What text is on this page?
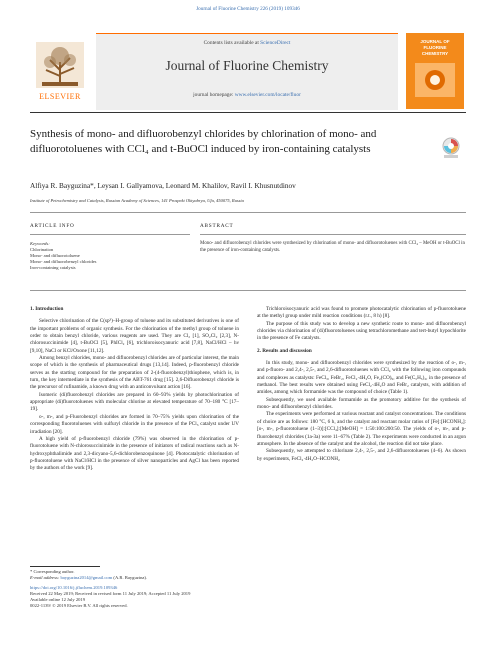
Journal of Fluorine Chemistry 226 (2019) 109346
ELSEVIER
Contents lists available at ScienceDirect
Journal of Fluorine Chemistry
journal homepage: www.elsevier.com/locate/fluor
JOURNAL OF FLUORINE CHEMISTRY
Synthesis of mono- and difluorobenzyl chlorides by chlorination of mono- and difluorotoluenes with CCl₄ and t-BuOCl induced by iron-containing catalysts
Alfiya R. Bayguzina*, Leysan I. Gallyamova, Leonard M. Khalilov, Ravil I. Khusnutdinov
Institute of Petrochemistry and Catalysis, Russian Academy of Sciences, 141 Prospekt Oktyabrya, Ufa, 450075, Russia
ARTICLE INFO	ABSTRACT
Keywords:
Chlorination
Mono- and difluorotoluene
Mono- and difluorobenzyl chlorides
Iron-containing catalysts
Mono- and difluorobenzyl chlorides were synthesized by chlorination of mono- and difluorotoluenes with CCl₄ – MeOH or t-BuOCl in the presence of iron-containing catalysts.

1. Introduction

Selective chlorination of the C(sp³)–H-group of toluene and its substituted derivatives is one of the important problems of organic synthesis. For the chlorination of the methyl group of toluene in order to obtain benzyl chloride, various reagents are used. They are Cl₂ [1], SO₂Cl₂ [2,3], N-chlorosuccinimide [4], t-BuOCl [5], PhICl₂ [6], trichloroisocyanuric acid [7,8], NaCl/HCl – hν [9,10], NaCl or KCl/Oxone [11,12].

Among benzyl chlorides, mono- and difluorobenzyl chlorides are of particular interest, the main scope of which is the synthesis of pharmaceutical drugs [13,14]. Indeed, p-fluorobenzyl chloride serves as the starting compound for the preparation of 2-(4-fluorobenzyl)thiophene, which is, in turn, the key intermediate in the synthesis of the ABT-761 drug [15]. 2,6-Difluorobenzyl chloride is the precursor of rufinamide, a known drug with an anticonvulsant action [16].

Isomeric (di)fluorobenzyl chlorides are prepared in 60–93% yields by photochlorination of appropriate (di)fluorotoluenes with molecular chlorine at elevated temperature of 70–180 °C [17–19].

o-, m-, and p-Fluorobenzyl chlorides are formed in 70–75% yields upon chlorination of the corresponding fluorotoluenes with sulfuryl chloride in the presence of the PCl₃ catalyst under UV irradiation [20].

A high yield of p-fluorobenzyl chloride (79%) was observed in the chlorination of p-fluorotoluene with N-chlorosuccinimide in the presence of initiators of radical reactions such as N-hydroxyphthalimide and 2,3-dicyano-5,6-dichlorobenzoquinone [4]. Photocatalytic chlorination of p-fluorotoluene with NaCl/HCl in the presence of silver nanoparticles and AgCl has been reported by the authors of the work [9].

Trichloroisocyanuric acid was found to promote photocatalytic chlorination of p-fluorotoluene at the methyl group under mild reaction conditions (r.t., 8 h) [8].

The purpose of this study was to develop a new synthetic route to mono- and difluorobenzyl chlorides via chlorination of (di)fluorotoluenes using tetrachloromethane and tert-butyl hypochlorite in the presence of Fe catalysts.

2. Results and discussion

In this study, mono- and difluorobenzyl chlorides were synthesized by the reaction of o-, m-, and p-fluoro- and 2,4-, 2,5-, and 2,6-difluorotoluenes with CCl₄ with the following iron compounds and complexes as catalysts: FeCl₃, FeBr₂, FeCl₂·4H₂O, Fe₂(CO)₉, and Fe(C₅H₅)₂, in the presence of methanol. The best results were obtained using FeCl₂·4H₂O and FeBr₂ catalysts, with addition of amides, among which formamide was the compound of choice (Table 1).

Subsequently, we used available formamide as the promotory additive for the synthesis of mono- and difluorobenzyl chlorides.

The experiments were performed at various reactant and catalyst concentrations. The conditions of choice are as follows: 180 °C, 6 h, and the catalyst and reactant molar ratios of [Fe]:[HCONH₂]:[o-, m-, p-fluorotoluene (1–3)]:[CCl₄]:[MeOH] = 1:50:100:200:50. The yields of o-, m-, and p-fluorobenzyl chlorides (1a-3a) were 11–67% (Table 2). The experiments were conducted in an argon atmosphere. In the absence of the catalyst and the alcohol, the reaction did not take place.

Subsequently, we attempted to chlorinate 2,4-, 2,5-, and 2,6-difluorotoluenes (4–6). As shown by experiments, FeCl₂·4H₂O–HCONH₂

* Corresponding author.
E-mail address: bayguzina2014@gmail.com (A.R. Bayguzina).
https://doi.org/10.1016/j.jfluchem.2019.109346
Received 22 May 2019; Received in revised form 11 July 2019; Accepted 11 July 2019
Available online 12 July 2019
0022-1139/ © 2019 Elsevier B.V. All rights reserved.
